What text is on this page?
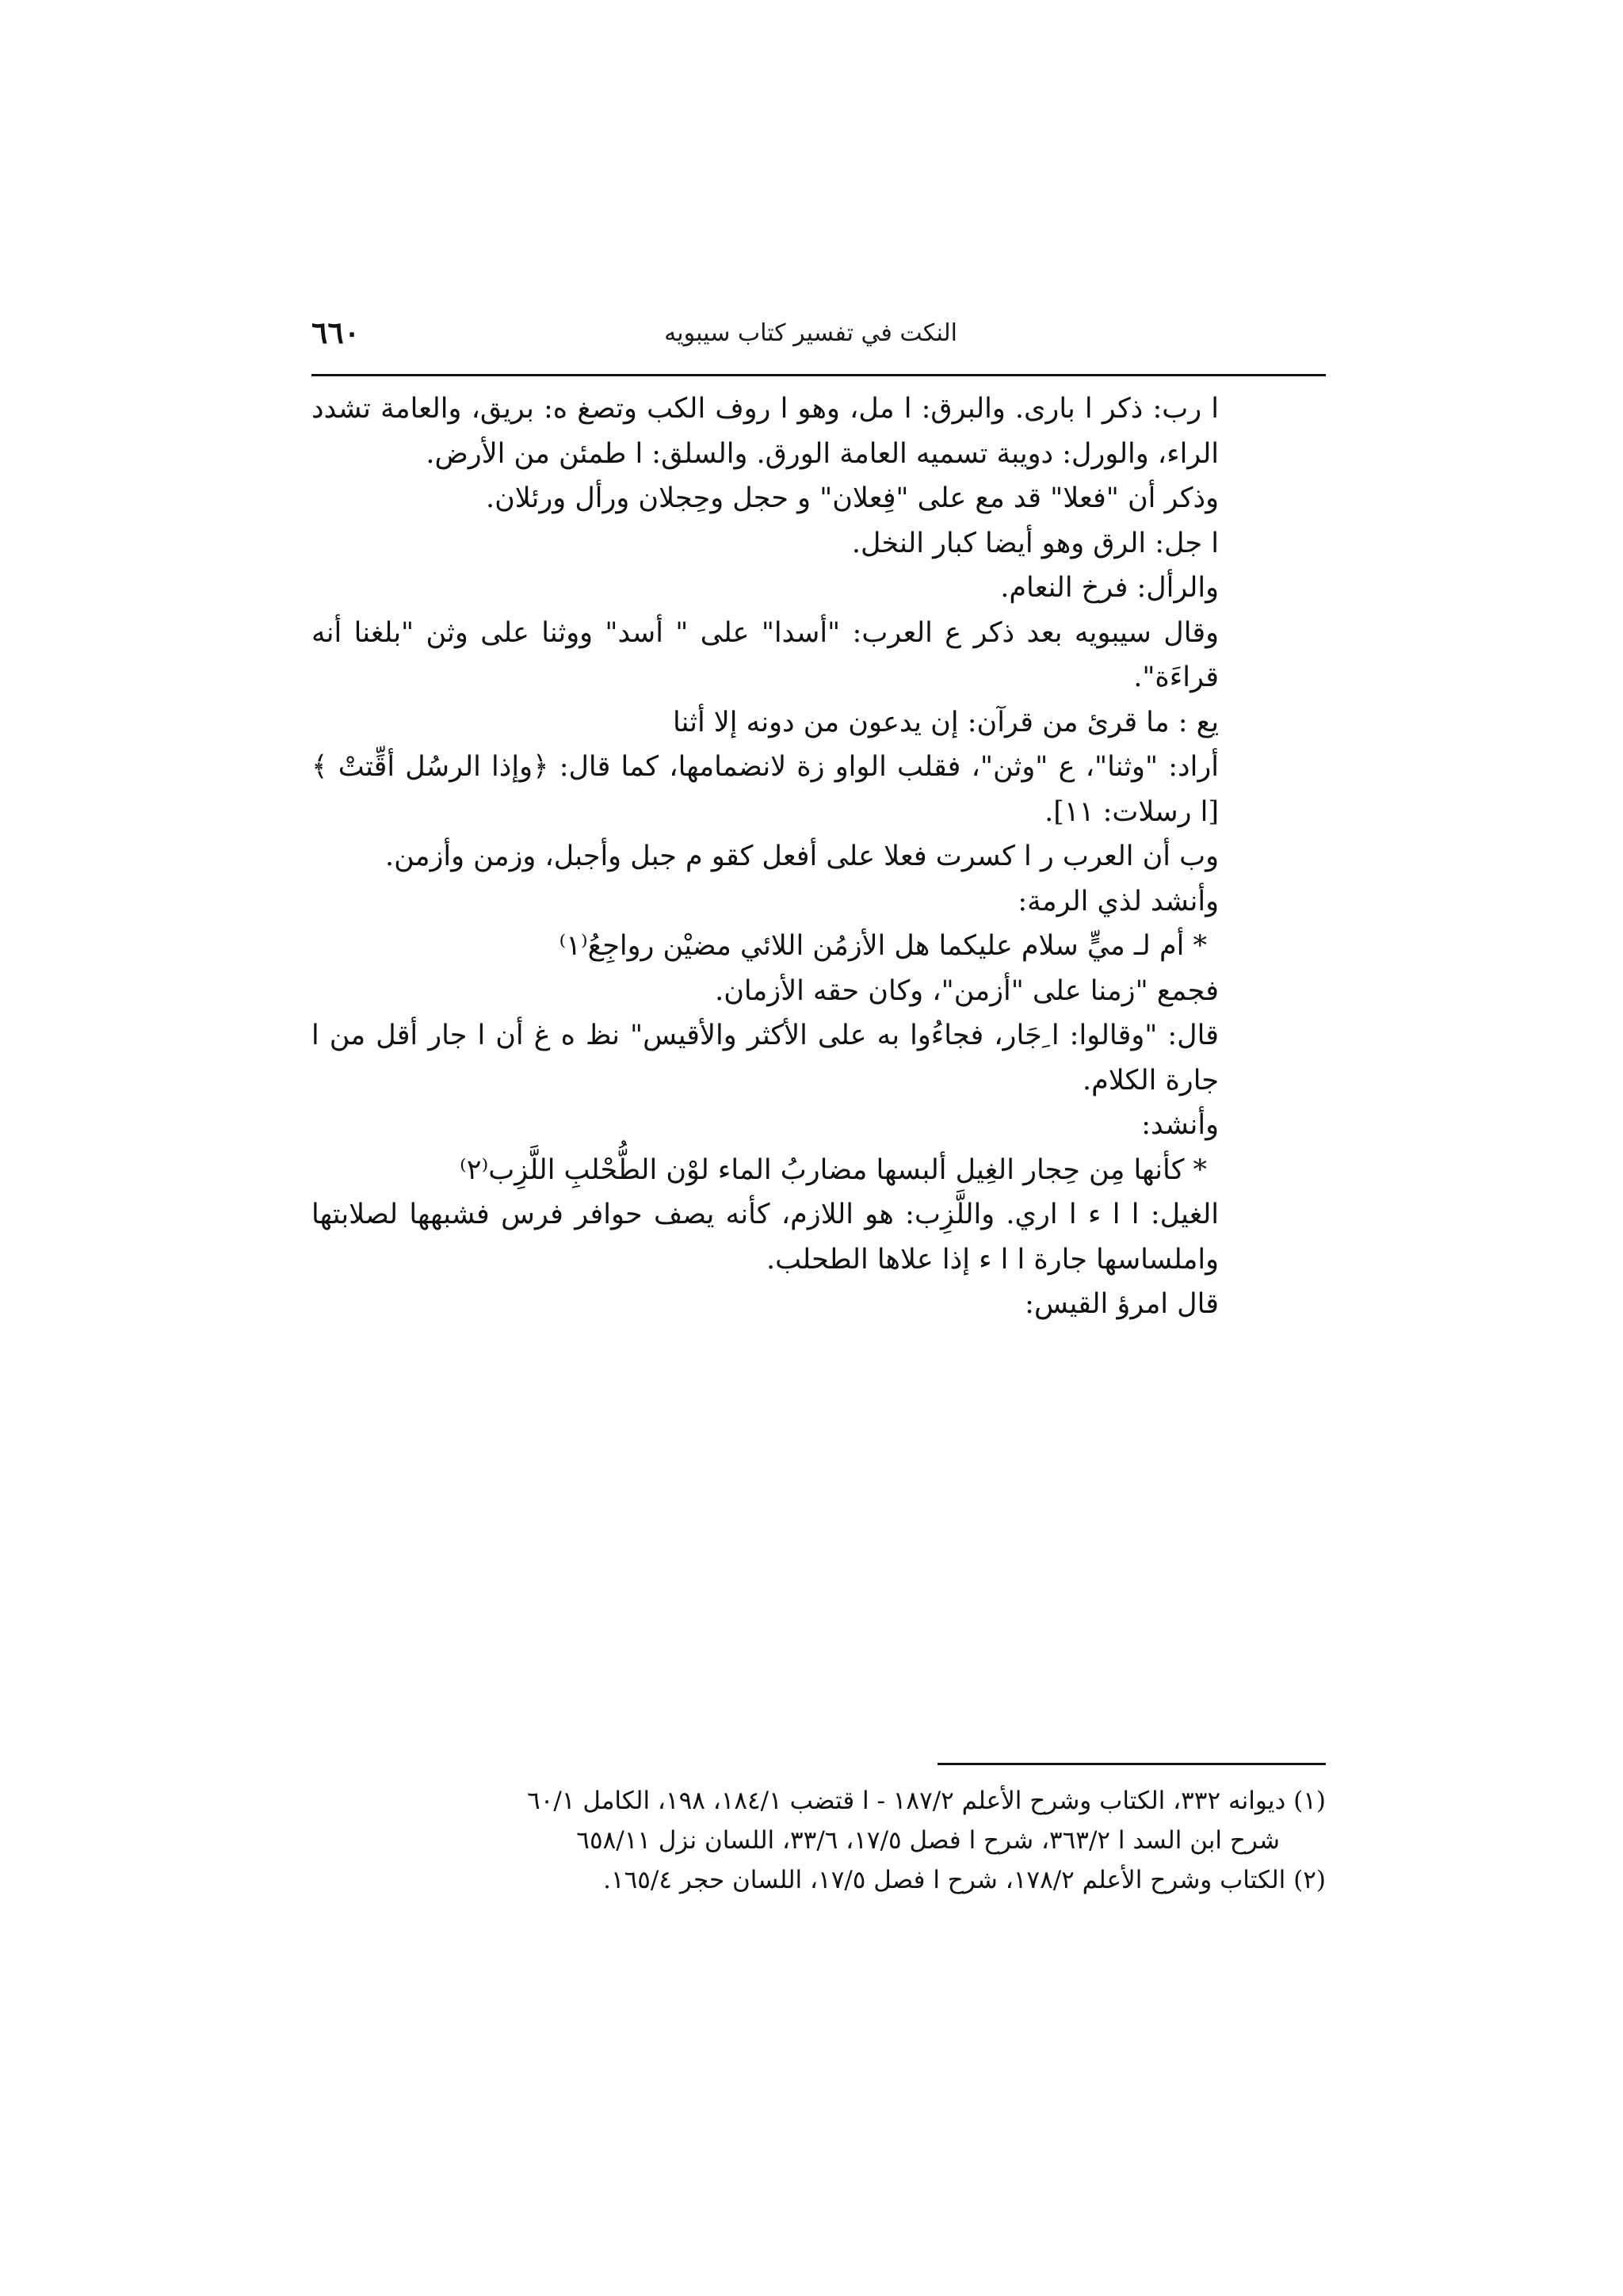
النكت في تفسير كتاب سيبويه
٦٦٠

ا رب: ذكر ا بارى. والبرق: ا مل، وهو ا روف الكب وتصغ ه: بريق، والعامة تشدد الراء، والورل: دويبة تسميه العامة الورق. والسلق: ا طمئن من الأرض.

وذكر أن "فعلا" قد مع على "فِعلان" و حجل وحِجلان ورأل ورئلان.

ا جل: الرق وهو أيضا كبار النخل.

والرأل: فرخ النعام.

وقال سيبويه بعد ذكر ع العرب: "أسدا" على " أسد" ووثنا على وثن "بلغنا أنه قراءَة".

يع : ما قرئ من قرآن: إن يدعون من دونه إلا أثنا

أراد: "وثنا"، ع "وثن"، فقلب الواو زة لانضمامها، كما قال: ﴿وإذا الرسُل أقِّتتْ ﴾ [ا رسلات: ١١].

وب أن العرب ر ا كسرت فعلا على أفعل كقو م جبل وأجبل، وزمن وأزمن.

وأنشد لذي الرمة:

* أم لـ ميٍّ سلام عليكما هل الأزمُن اللائي مضيْن رواجِعُ⁽١⁾

فجمع "زمنا على "أزمن"، وكان حقه الأزمان.

قال: "وقالوا: ا ِجَار، فجاءُوا به على الأكثر والأقيس" نظ ه غ أن ا جار أقل من ا جارة الكلام.

وأنشد:

* كأنها مِن حِجار الغِيل ألبسها مضاربُ الماء لوْن الطُّحْلبِ اللَّزِب⁽٢⁾

الغيل: ا ا ء ا اري. واللَّزِب: هو اللازم، كأنه يصف حوافر فرس فشبهها لصلابتها واملساسها جارة ا ا ء إذا علاها الطحلب.

قال امرؤ القيس:

(١) ديوانه ٣٣٢، الكتاب وشرح الأعلم ١٨٧/٢ - ا قتضب ١٨٤/١، ١٩٨، الكامل ٦٠/١

شرح ابن السد ا ٣٦٣/٢، شرح ا فصل ١٧/٥، ٣٣/٦، اللسان نزل ٦٥٨/١١

(٢) الكتاب وشرح الأعلم ١٧٨/٢، شرح ا فصل ١٧/٥، اللسان حجر ١٦٥/٤.
